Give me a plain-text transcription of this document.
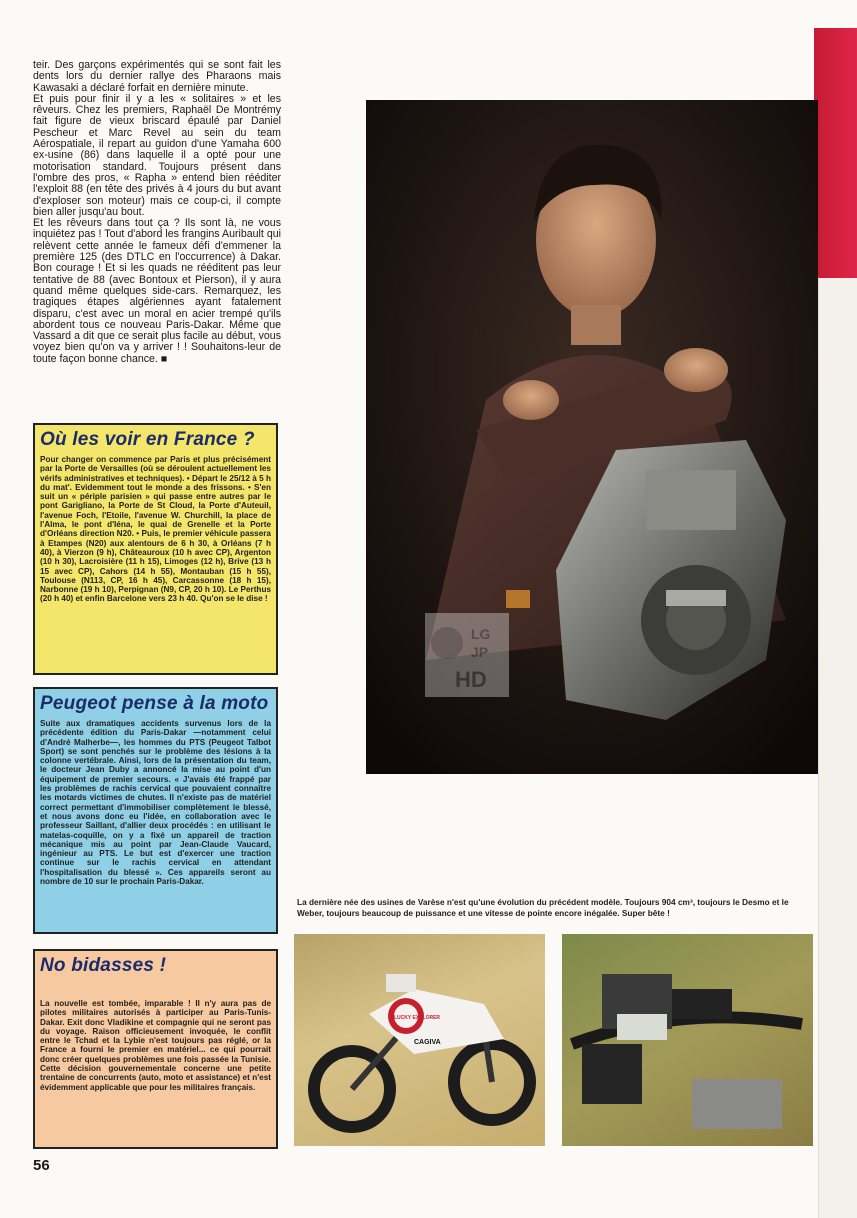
teir. Des garçons expérimentés qui se sont fait les dents lors du dernier rallye des Pharaons mais Kawasaki a déclaré forfait en dernière minute.

Et puis pour finir il y a les « solitaires » et les rêveurs. Chez les premiers, Raphaël De Montrémy fait figure de vieux briscard épaulé par Daniel Pescheur et Marc Revel au sein du team Aérospatiale, il repart au guidon d'une Yamaha 600 ex-usine (86) dans laquelle il a opté pour une motorisation standard. Toujours présent dans l'ombre des pros, « Rapha » entend bien rééditer l'exploit 88 (en tête des privés à 4 jours du but avant d'exploser son moteur) mais ce coup-ci, il compte bien aller jusqu'au bout.

Et les rêveurs dans tout ça ? Ils sont là, ne vous inquiétez pas ! Tout d'abord les frangins Auribault qui relèvent cette année le fameux défi d'emmener la première 125 (des DTLC en l'occurrence) à Dakar. Bon courage ! Et si les quads ne rééditent pas leur tentative de 88 (avec Bontoux et Pierson), il y aura quand même quelques side-cars. Remarquez, les tragiques étapes algériennes ayant fatalement disparu, c'est avec un moral en acier trempé qu'ils abordent tous ce nouveau Paris-Dakar. Même que Vassard a dit que ce serait plus facile au début, vous voyez bien qu'on va y arriver ! ! Souhaitons-leur de toute façon bonne chance. ■

Où les voir en France ?
Pour changer on commence par Paris et plus précisément par la Porte de Versailles (où se déroulent actuellement les vérifs administratives et techniques). • Départ le 25/12 à 5 h du mat'. Evidemment tout le monde a des frissons. • S'en suit un « périple parisien » qui passe entre autres par le pont Garigliano, la Porte de St Cloud, la Porte d'Auteuil, l'avenue Foch, l'Etoile, l'avenue W. Churchill, la place de l'Alma, le pont d'Iéna, le quai de Grenelle et la Porte d'Orléans direction N20. • Puis, le premier véhicule passera à Etampes (N20) aux alentours de 6 h 30, à Orléans (7 h 40), à Vierzon (9 h), Châteauroux (10 h avec CP), Argenton (10 h 30), Lacroisière (11 h 15), Limoges (12 h), Brive (13 h 15 avec CP), Cahors (14 h 55), Montauban (15 h 55), Toulouse (N113, CP, 16 h 45), Carcassonne (18 h 15), Narbonne (19 h 10), Perpignan (N9, CP, 20 h 10). Le Perthus (20 h 40) et enfin Barcelone vers 23 h 40. Qu'on se le dise !
Peugeot pense à la moto
Suite aux dramatiques accidents survenus lors de la précédente édition du Paris-Dakar —notamment celui d'André Malherbe—, les hommes du PTS (Peugeot Talbot Sport) se sont penchés sur le problème des lésions à la colonne vertébrale. Ainsi, lors de la présentation du team, le docteur Jean Duby a annoncé la mise au point d'un équipement de premier secours. « J'avais été frappé par les problèmes de rachis cervical que pouvaient connaître les motards victimes de chutes. Il n'existe pas de matériel correct permettant d'immobiliser complètement le blessé, et nous avons donc eu l'idée, en collaboration avec le professeur Saillant, d'allier deux procédés : en utilisant le matelas-coquille, on y a fixé un appareil de traction mécanique mis au point par Jean-Claude Vaucard, ingénieur au PTS. Le but est d'exercer une traction continue sur le rachis cervical en attendant l'hospitalisation du blessé ». Ces appareils seront au nombre de 10 sur le prochain Paris-Dakar.
No bidasses !
La nouvelle est tombée, imparable ! Il n'y aura pas de pilotes militaires autorisés à participer au Paris-Tunis-Dakar. Exit donc Vladikine et compagnie qui ne seront pas du voyage. Raison officieusement invoquée, le conflit entre le Tchad et la Lybie n'est toujours pas réglé, or la France a fourni le premier en matériel... ce qui pourrait donc créer quelques problèmes une fois passée la Tunisie. Cette décision gouvernementale concerne une petite trentaine de concurrents (auto, moto et assistance) et n'est évidemment applicable que pour les militaires français.
LG
JP
HD
La dernière née des usines de Varèse n'est qu'une évolution du précédent modèle. Toujours 904 cm³, toujours le Desmo et le Weber, toujours beaucoup de puissance et une vitesse de pointe encore inégalée. Super bête !
LUCKY EXPLORER
CAGIVA
56
